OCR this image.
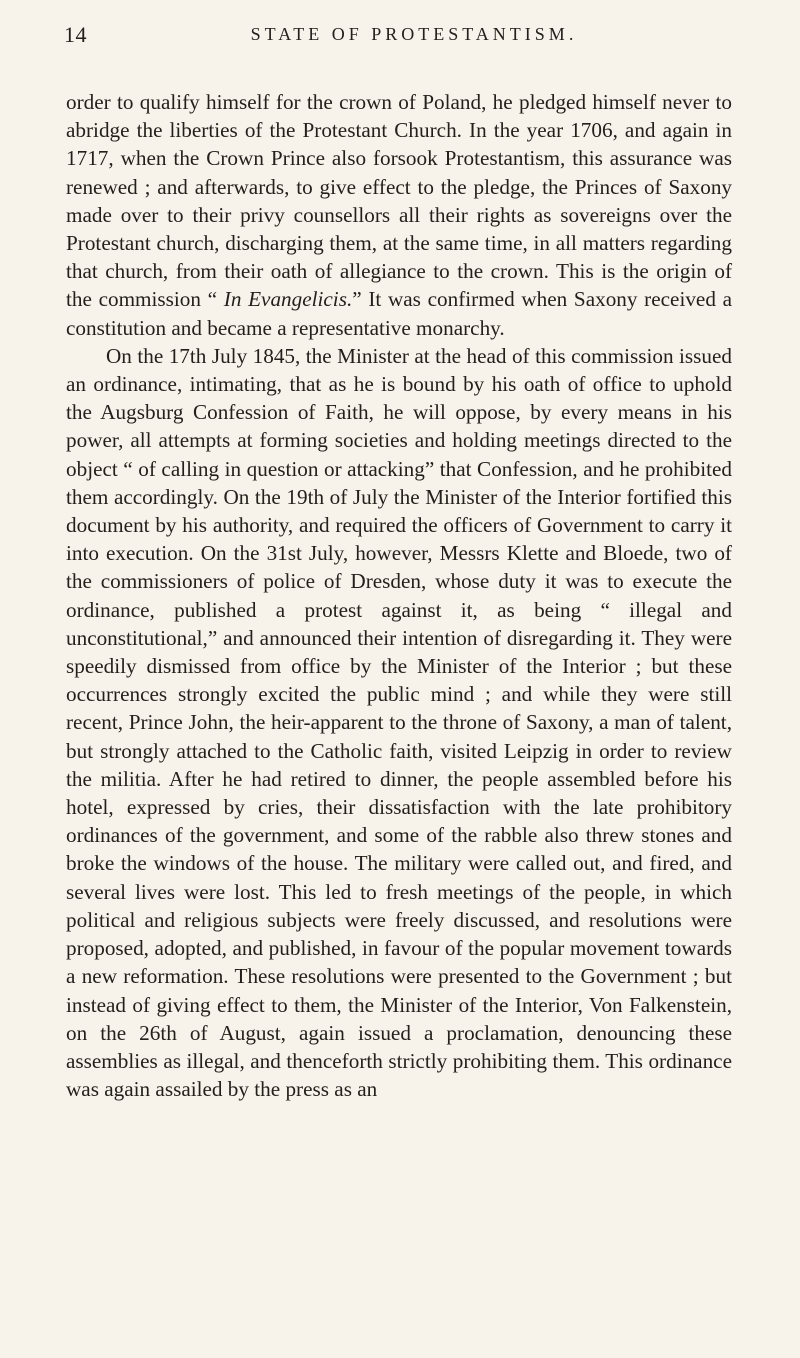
14	STATE OF PROTESTANTISM.

order to qualify himself for the crown of Poland, he pledged himself never to abridge the liberties of the Protestant Church. In the year 1706, and again in 1717, when the Crown Prince also forsook Protestantism, this assurance was renewed ; and afterwards, to give effect to the pledge, the Princes of Saxony made over to their privy counsellors all their rights as sovereigns over the Protestant church, discharging them, at the same time, in all matters regarding that church, from their oath of allegiance to the crown. This is the origin of the commission “ In Evangelicis.” It was confirmed when Saxony received a constitution and became a representative monarchy.

On the 17th July 1845, the Minister at the head of this commission issued an ordinance, intimating, that as he is bound by his oath of office to uphold the Augsburg Confession of Faith, he will oppose, by every means in his power, all attempts at forming societies and holding meetings directed to the object “ of calling in question or attacking” that Confession, and he prohibited them accordingly. On the 19th of July the Minister of the Interior fortified this document by his authority, and required the officers of Government to carry it into execution. On the 31st July, however, Messrs Klette and Bloede, two of the commissioners of police of Dresden, whose duty it was to execute the ordinance, published a protest against it, as being “ illegal and unconstitutional,” and announced their intention of disregarding it. They were speedily dismissed from office by the Minister of the Interior ; but these occurrences strongly excited the public mind ; and while they were still recent, Prince John, the heir-apparent to the throne of Saxony, a man of talent, but strongly attached to the Catholic faith, visited Leipzig in order to review the militia. After he had retired to dinner, the people assembled before his hotel, expressed by cries, their dissatisfaction with the late prohibitory ordinances of the government, and some of the rabble also threw stones and broke the windows of the house. The military were called out, and fired, and several lives were lost. This led to fresh meetings of the people, in which political and religious subjects were freely discussed, and resolutions were proposed, adopted, and published, in favour of the popular movement towards a new reformation. These resolutions were presented to the Government ; but instead of giving effect to them, the Minister of the Interior, Von Falkenstein, on the 26th of August, again issued a proclamation, denouncing these assemblies as illegal, and thenceforth strictly prohibiting them. This ordinance was again assailed by the press as an
